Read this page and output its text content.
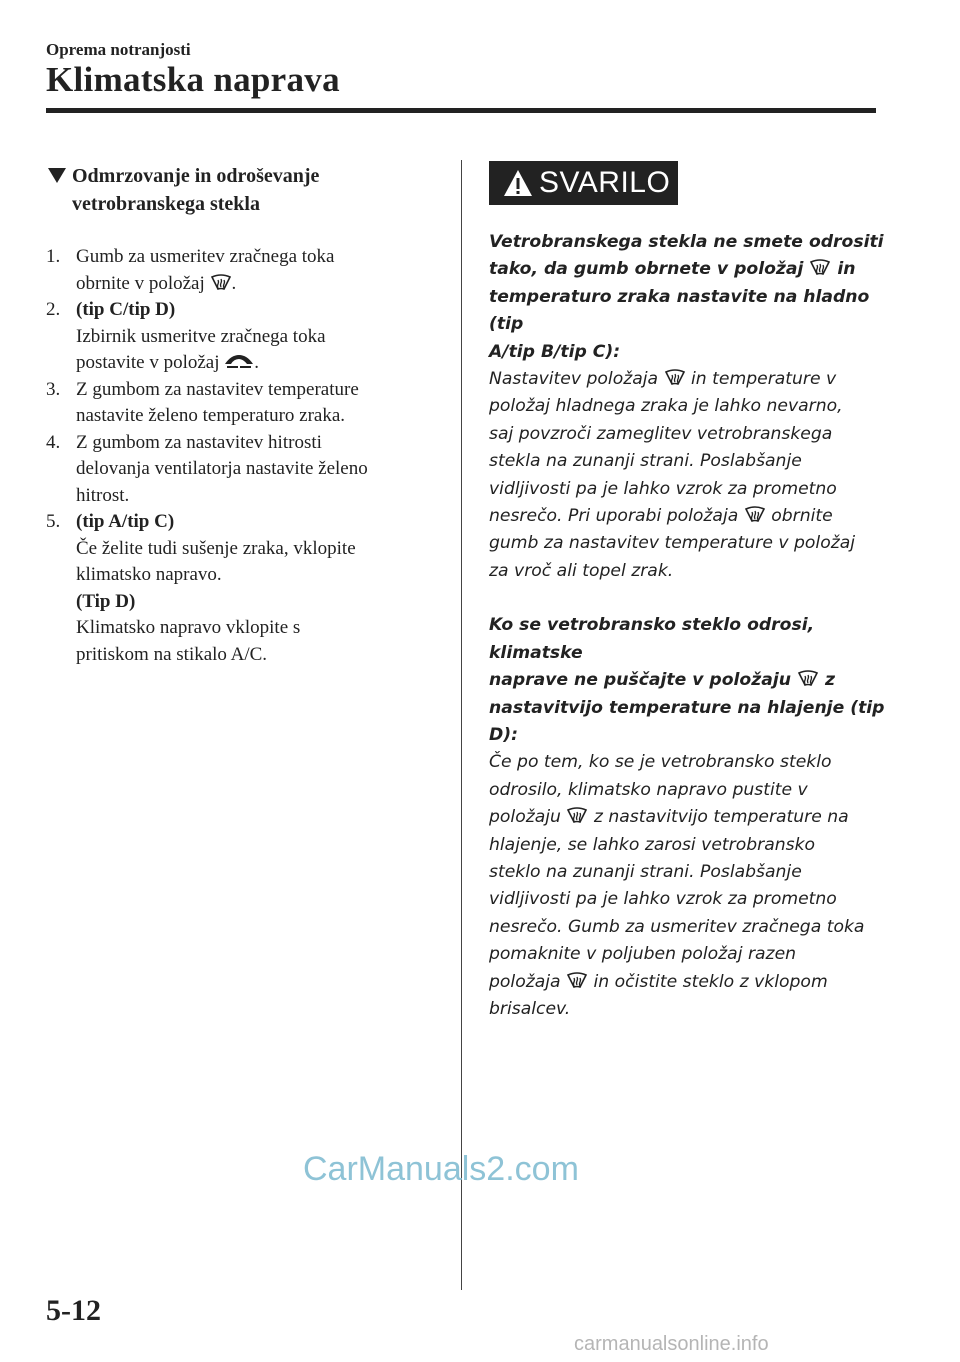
Oprema notranjosti
Klimatska naprava
Odmrzovanje in odroševanje
vetrobranskega stekla
1. Gumb za usmeritev zračnega toka

obrnite v položaj .

2. (tip C/tip D)

Izbirnik usmeritve zračnega toka

postavite v položaj .

3. Z gumbom za nastavitev temperature

nastavite želeno temperaturo zraka.

4. Z gumbom za nastavitev hitrosti

delovanja ventilatorja nastavite želeno

hitrost.

5. (tip A/tip C)

Če želite tudi sušenje zraka, vklopite

klimatsko napravo.

(Tip D)

Klimatsko napravo vklopite s

pritiskom na stikalo A/C.

SVARILO

Vetrobranskega stekla ne smete odrositi

tako, da gumb obrnete v položaj in

temperaturo zraka nastavite na hladno (tip

A/tip B/tip C):

Nastavitev položaja in temperature v

položaj hladnega zraka je lahko nevarno,

saj povzroči zameglitev vetrobranskega

stekla na zunanji strani. Poslabšanje

vidljivosti pa je lahko vzrok za prometno

nesrečo. Pri uporabi položaja obrnite

gumb za nastavitev temperature v položaj

za vroč ali topel zrak.

Ko se vetrobransko steklo odrosi, klimatske

naprave ne puščajte v položaju z

nastavitvijo temperature na hlajenje (tip

D):

Če po tem, ko se je vetrobransko steklo

odrosilo, klimatsko napravo pustite v

položaju z nastavitvijo temperature na

hlajenje, se lahko zarosi vetrobransko

steklo na zunanji strani. Poslabšanje

vidljivosti pa je lahko vzrok za prometno

nesrečo. Gumb za usmeritev zračnega toka

pomaknite v poljuben položaj razen

položaja in očistite steklo z vklopom

brisalcev.

CarManuals2.com
5-12
carmanualsonline.info
